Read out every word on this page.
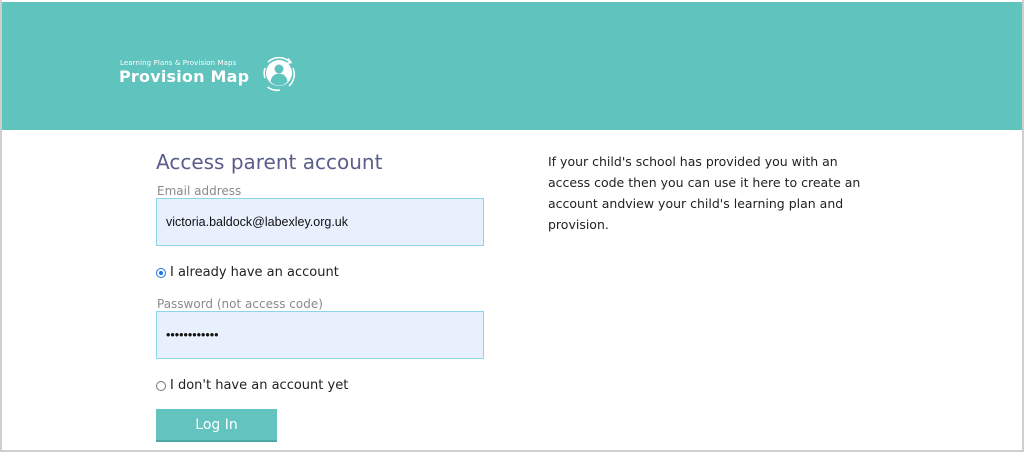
Learning Plans & Provision Maps
Provision Map
Access parent account
Email address
victoria.baldock@labexley.org.uk
I already have an account
Password (not access code)
••••••••••••
I don't have an account yet
Log In

If your child's school has provided you with an access code then you can use it here to create an account andview your child's learning plan and provision.
